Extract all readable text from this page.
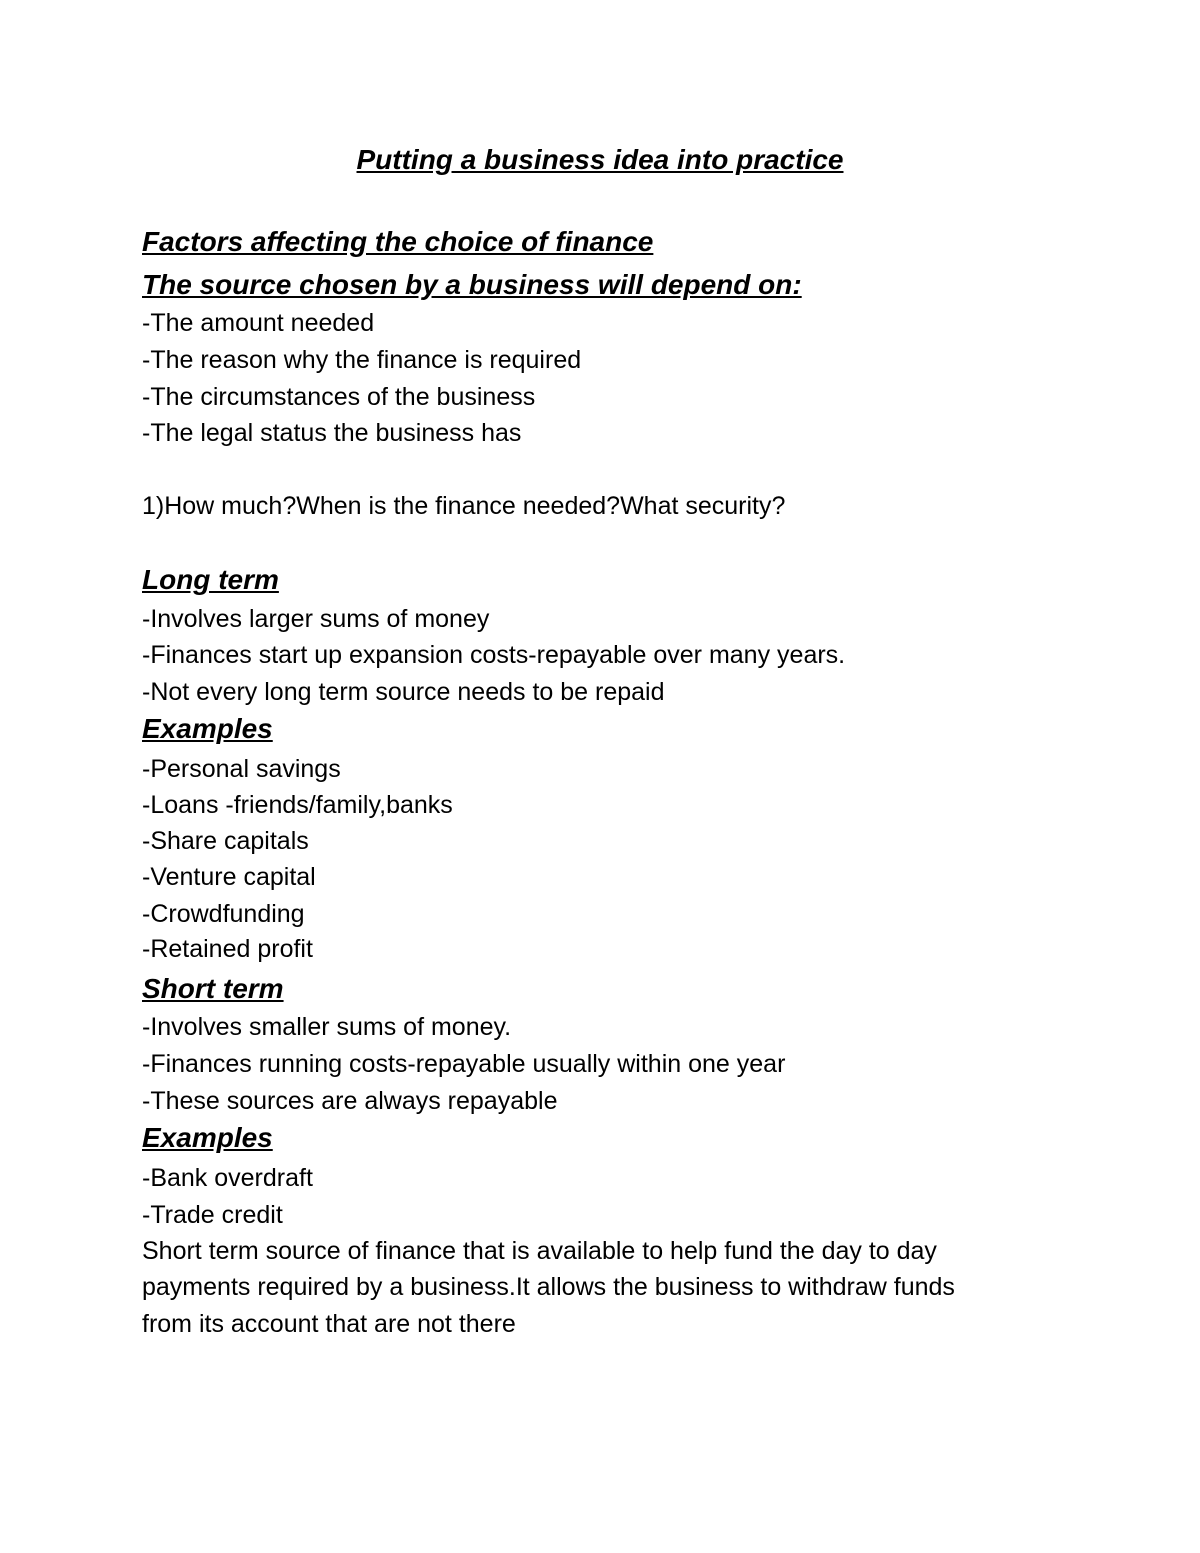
Putting a business idea into practice
Factors affecting the choice of finance
The source chosen by a business will depend on:
-The amount needed
-The reason why the finance is required
-The circumstances of the business
-The legal status the business has
1)How much?When is the finance needed?What security?
Long term
-Involves larger sums of money
-Finances start up expansion costs-repayable over many years.
-Not every long term source needs to be repaid
Examples
-Personal savings
-Loans -friends/family,banks
-Share capitals
-Venture capital
-Crowdfunding
-Retained profit
Short term
-Involves smaller sums of money.
-Finances running costs-repayable usually within one year
-These sources are always repayable
Examples
-Bank overdraft
-Trade credit
Short term source of finance that is available to help fund the day to day
payments required by a business.It allows the business to withdraw funds
from its account that are not there
